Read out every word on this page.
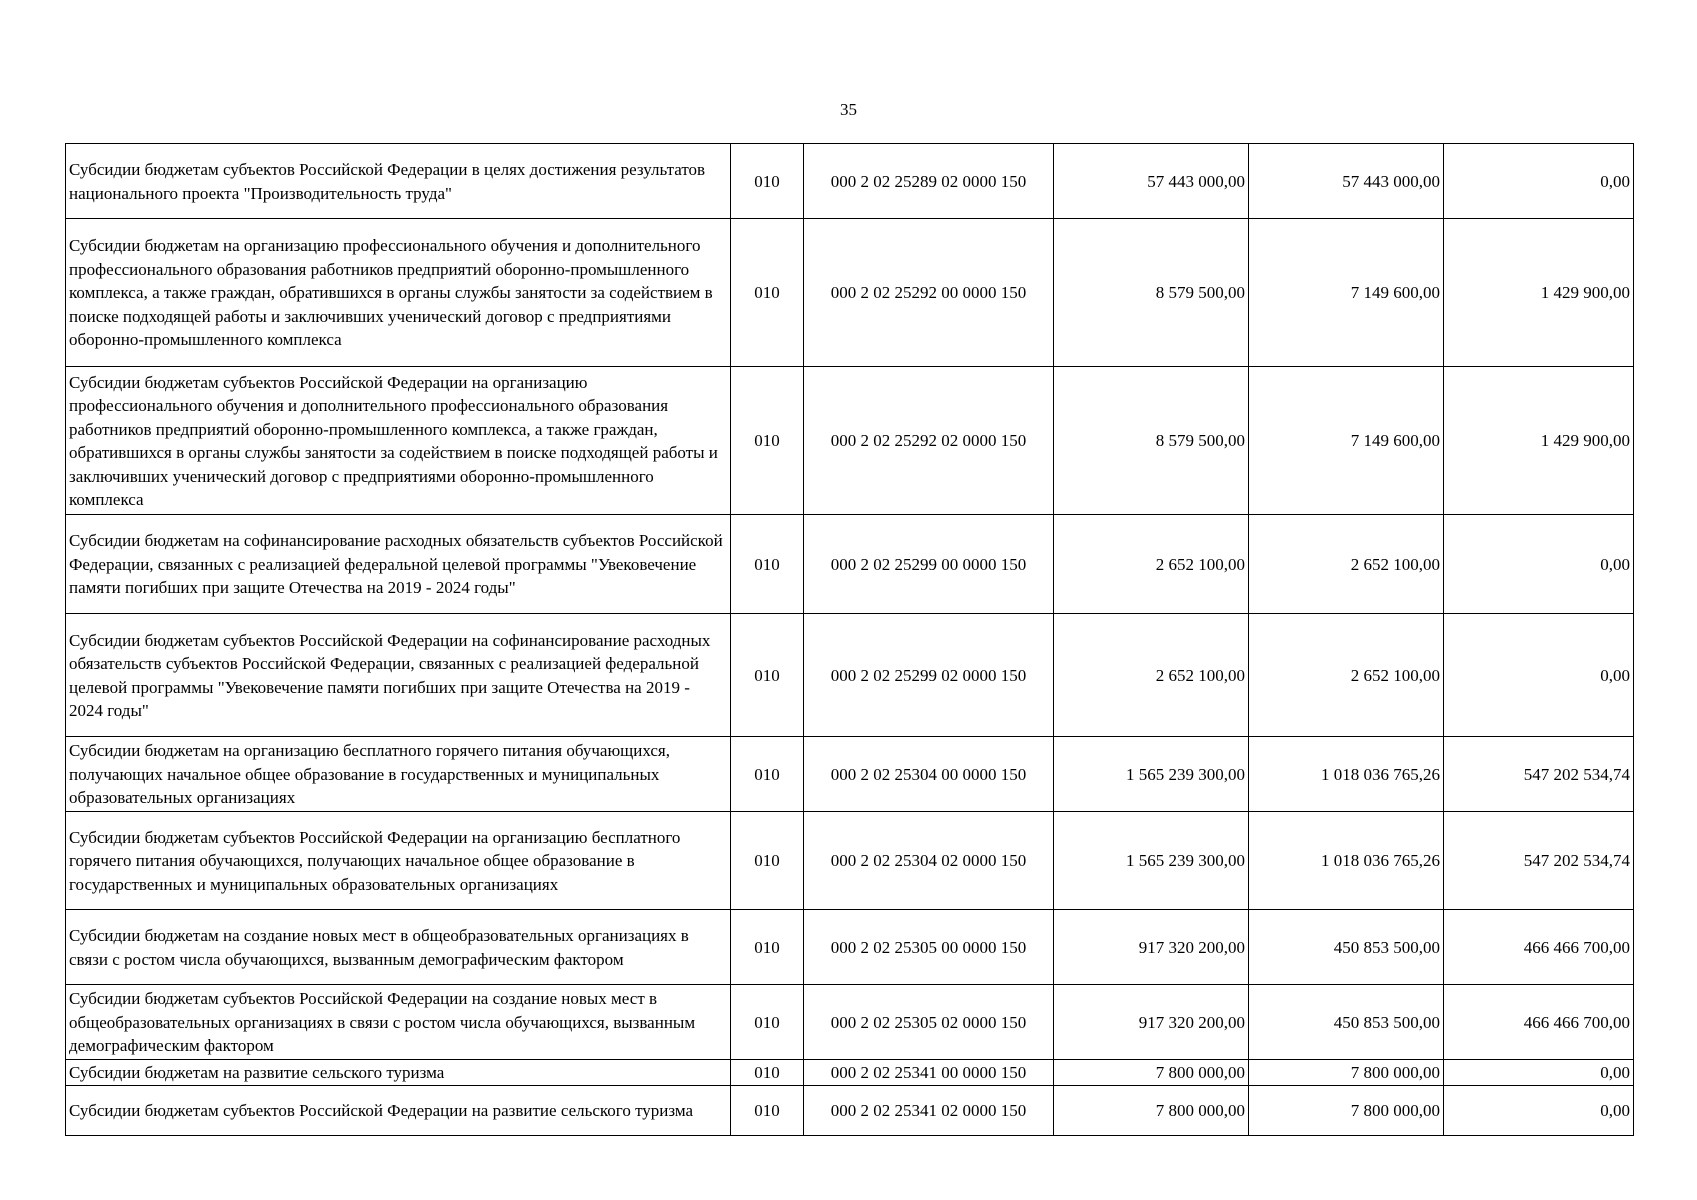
35
Субсидии бюджетам субъектов Российской Федерации в целях достижения результатов национального проекта "Производительность труда"	010	000 2 02 25289 02 0000 150	57 443 000,00	57 443 000,00	0,00
Субсидии бюджетам на организацию профессионального обучения и дополнительного профессионального образования работников предприятий оборонно-промышленного комплекса, а также граждан, обратившихся в органы службы занятости за содействием в поиске подходящей работы и заключивших ученический договор с предприятиями оборонно-промышленного комплекса	010	000 2 02 25292 00 0000 150	8 579 500,00	7 149 600,00	1 429 900,00
Субсидии бюджетам субъектов Российской Федерации на организацию профессионального обучения и дополнительного профессионального образования работников предприятий оборонно-промышленного комплекса, а также граждан, обратившихся в органы службы занятости за содействием в поиске подходящей работы и заключивших ученический договор с предприятиями оборонно-промышленного комплекса	010	000 2 02 25292 02 0000 150	8 579 500,00	7 149 600,00	1 429 900,00
Субсидии бюджетам на софинансирование расходных обязательств субъектов Российской Федерации, связанных с реализацией федеральной целевой программы "Увековечение памяти погибших при защите Отечества на 2019 - 2024 годы"	010	000 2 02 25299 00 0000 150	2 652 100,00	2 652 100,00	0,00
Субсидии бюджетам субъектов Российской Федерации на софинансирование расходных обязательств субъектов Российской Федерации, связанных с реализацией федеральной целевой программы "Увековечение памяти погибших при защите Отечества на 2019 - 2024 годы"	010	000 2 02 25299 02 0000 150	2 652 100,00	2 652 100,00	0,00
Субсидии бюджетам на организацию бесплатного горячего питания обучающихся, получающих начальное общее образование в государственных и муниципальных образовательных организациях	010	000 2 02 25304 00 0000 150	1 565 239 300,00	1 018 036 765,26	547 202 534,74
Субсидии бюджетам субъектов Российской Федерации на организацию бесплатного горячего питания обучающихся, получающих начальное общее образование в государственных и муниципальных образовательных организациях	010	000 2 02 25304 02 0000 150	1 565 239 300,00	1 018 036 765,26	547 202 534,74
Субсидии бюджетам на создание новых мест в общеобразовательных организациях в связи с ростом числа обучающихся, вызванным демографическим фактором	010	000 2 02 25305 00 0000 150	917 320 200,00	450 853 500,00	466 466 700,00
Субсидии бюджетам субъектов Российской Федерации на создание новых мест в общеобразовательных организациях в связи с ростом числа обучающихся, вызванным демографическим фактором	010	000 2 02 25305 02 0000 150	917 320 200,00	450 853 500,00	466 466 700,00
Субсидии бюджетам на развитие сельского туризма	010	000 2 02 25341 00 0000 150	7 800 000,00	7 800 000,00	0,00
Субсидии бюджетам субъектов Российской Федерации на развитие сельского туризма	010	000 2 02 25341 02 0000 150	7 800 000,00	7 800 000,00	0,00
